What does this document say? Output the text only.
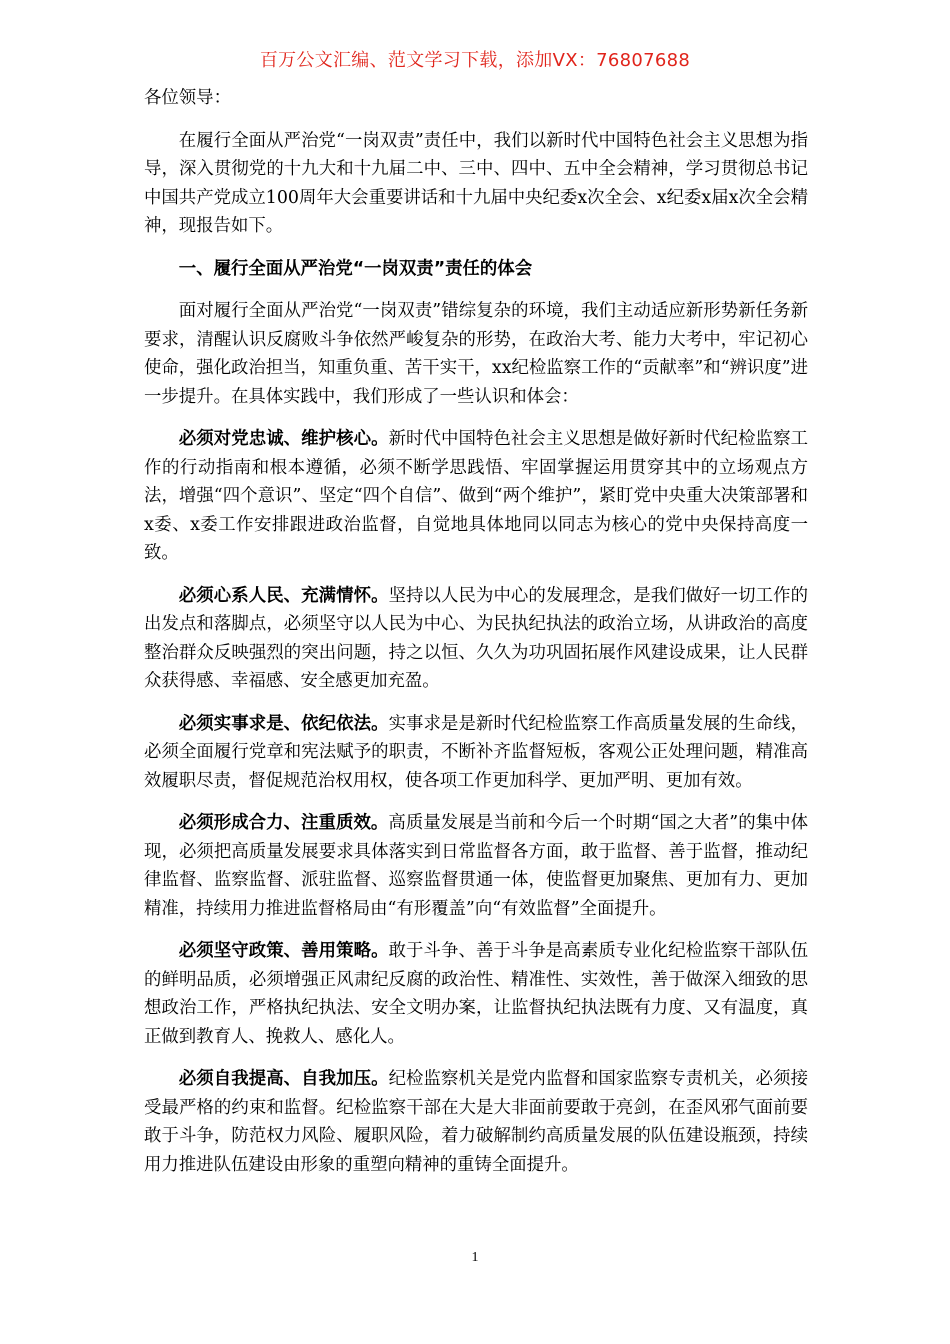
百万公文汇编、范文学习下载，添加VX：76807688

各位领导：

在履行全面从严治党“一岗双责”责任中，我们以新时代中国特色社会主义思想为指导，深入贯彻党的十九大和十九届二中、三中、四中、五中全会精神，学习贯彻总书记中国共产党成立100周年大会重要讲话和十九届中央纪委x次全会、x纪委x届x次全会精神，现报告如下。

一、履行全面从严治党“一岗双责”责任的体会

面对履行全面从严治党“一岗双责”错综复杂的环境，我们主动适应新形势新任务新要求，清醒认识反腐败斗争依然严峻复杂的形势，在政治大考、能力大考中，牢记初心使命，强化政治担当，知重负重、苦干实干，xx纪检监察工作的“贡献率”和“辨识度”进一步提升。在具体实践中，我们形成了一些认识和体会：

必须对党忠诚、维护核心。新时代中国特色社会主义思想是做好新时代纪检监察工作的行动指南和根本遵循，必须不断学思践悟、牢固掌握运用贯穿其中的立场观点方法，增强“四个意识”、坚定“四个自信”、做到“两个维护”，紧盯党中央重大决策部署和x委、x委工作安排跟进政治监督，自觉地具体地同以同志为核心的党中央保持高度一致。

必须心系人民、充满情怀。坚持以人民为中心的发展理念，是我们做好一切工作的出发点和落脚点，必须坚守以人民为中心、为民执纪执法的政治立场，从讲政治的高度整治群众反映强烈的突出问题，持之以恒、久久为功巩固拓展作风建设成果，让人民群众获得感、幸福感、安全感更加充盈。

必须实事求是、依纪依法。实事求是是新时代纪检监察工作高质量发展的生命线，必须全面履行党章和宪法赋予的职责，不断补齐监督短板，客观公正处理问题，精准高效履职尽责，督促规范治权用权，使各项工作更加科学、更加严明、更加有效。

必须形成合力、注重质效。高质量发展是当前和今后一个时期“国之大者”的集中体现，必须把高质量发展要求具体落实到日常监督各方面，敢于监督、善于监督，推动纪律监督、监察监督、派驻监督、巡察监督贯通一体，使监督更加聚焦、更加有力、更加精准，持续用力推进监督格局由“有形覆盖”向“有效监督”全面提升。

必须坚守政策、善用策略。敢于斗争、善于斗争是高素质专业化纪检监察干部队伍的鲜明品质，必须增强正风肃纪反腐的政治性、精准性、实效性，善于做深入细致的思想政治工作，严格执纪执法、安全文明办案，让监督执纪执法既有力度、又有温度，真正做到教育人、挽救人、感化人。

必须自我提高、自我加压。纪检监察机关是党内监督和国家监察专责机关，必须接受最严格的约束和监督。纪检监察干部在大是大非面前要敢于亮剑，在歪风邪气面前要敢于斗争，防范权力风险、履职风险，着力破解制约高质量发展的队伍建设瓶颈，持续用力推进队伍建设由形象的重塑向精神的重铸全面提升。

1
